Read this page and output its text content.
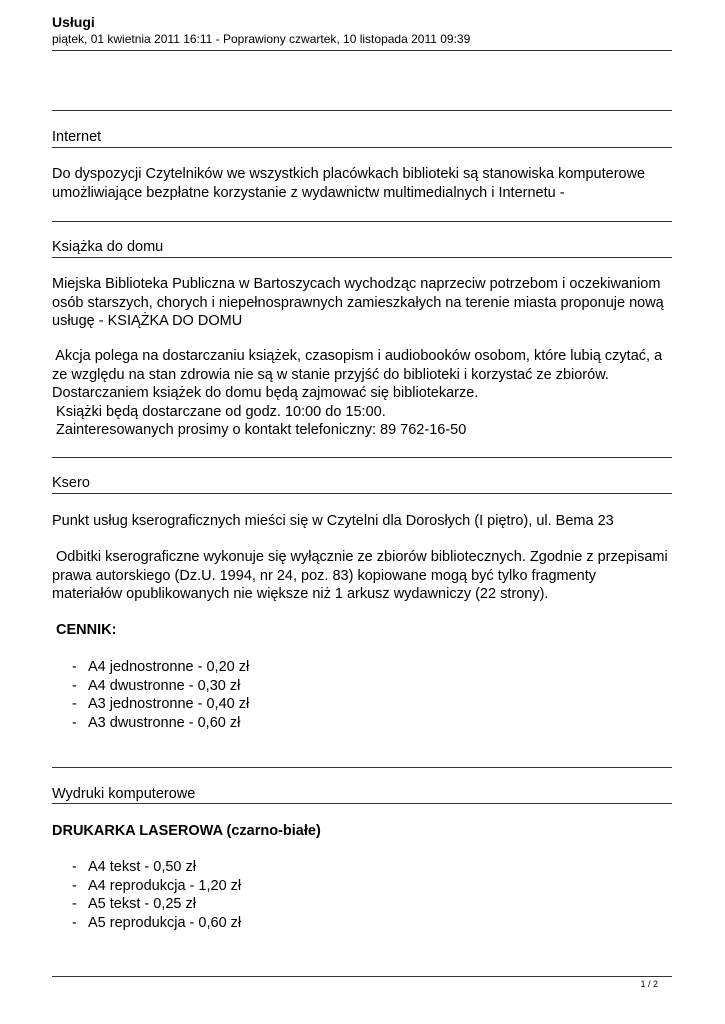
Usługi
piątek, 01 kwietnia 2011 16:11 - Poprawiony czwartek, 10 listopada 2011 09:39
Internet
Do dyspozycji Czytelników we wszystkich placówkach biblioteki są stanowiska komputerowe
umożliwiające bezpłatne korzystanie z wydawnictw multimedialnych i Internetu -
Książka do domu
Miejska Biblioteka Publiczna w Bartoszycach wychodząc naprzeciw potrzebom i oczekiwaniom
osób starszych, chorych i niepełnosprawnych zamieszkałych na terenie miasta proponuje nową
usługę - KSIĄŻKA DO DOMU
Akcja polega na dostarczaniu książek, czasopism i audiobooków osobom, które lubią czytać, a
ze względu na stan zdrowia nie są w stanie przyjść do biblioteki i korzystać ze zbiorów.
Dostarczaniem książek do domu będą zajmować się bibliotekarze.
Książki będą dostarczane od godz. 10:00 do 15:00.
Zainteresowanych prosimy o kontakt telefoniczny: 89 762-16-50
Ksero
Punkt usług kserograficznych mieści się w Czytelni dla Dorosłych (I piętro), ul. Bema 23
Odbitki kserograficzne wykonuje się wyłącznie ze zbiorów bibliotecznych. Zgodnie z przepisami
prawa autorskiego (Dz.U. 1994, nr 24, poz. 83) kopiowane mogą być tylko fragmenty
materiałów opublikowanych nie większe niż 1 arkusz wydawniczy (22 strony).
CENNIK:
- A4 jednostronne - 0,20 zł
- A4 dwustronne - 0,30 zł
- A3 jednostronne - 0,40 zł
- A3 dwustronne - 0,60 zł
Wydruki komputerowe
DRUKARKA LASEROWA (czarno-białe)
- A4 tekst - 0,50 zł
- A4 reprodukcja - 1,20 zł
- A5 tekst - 0,25 zł
- A5 reprodukcja - 0,60 zł
1 / 2
